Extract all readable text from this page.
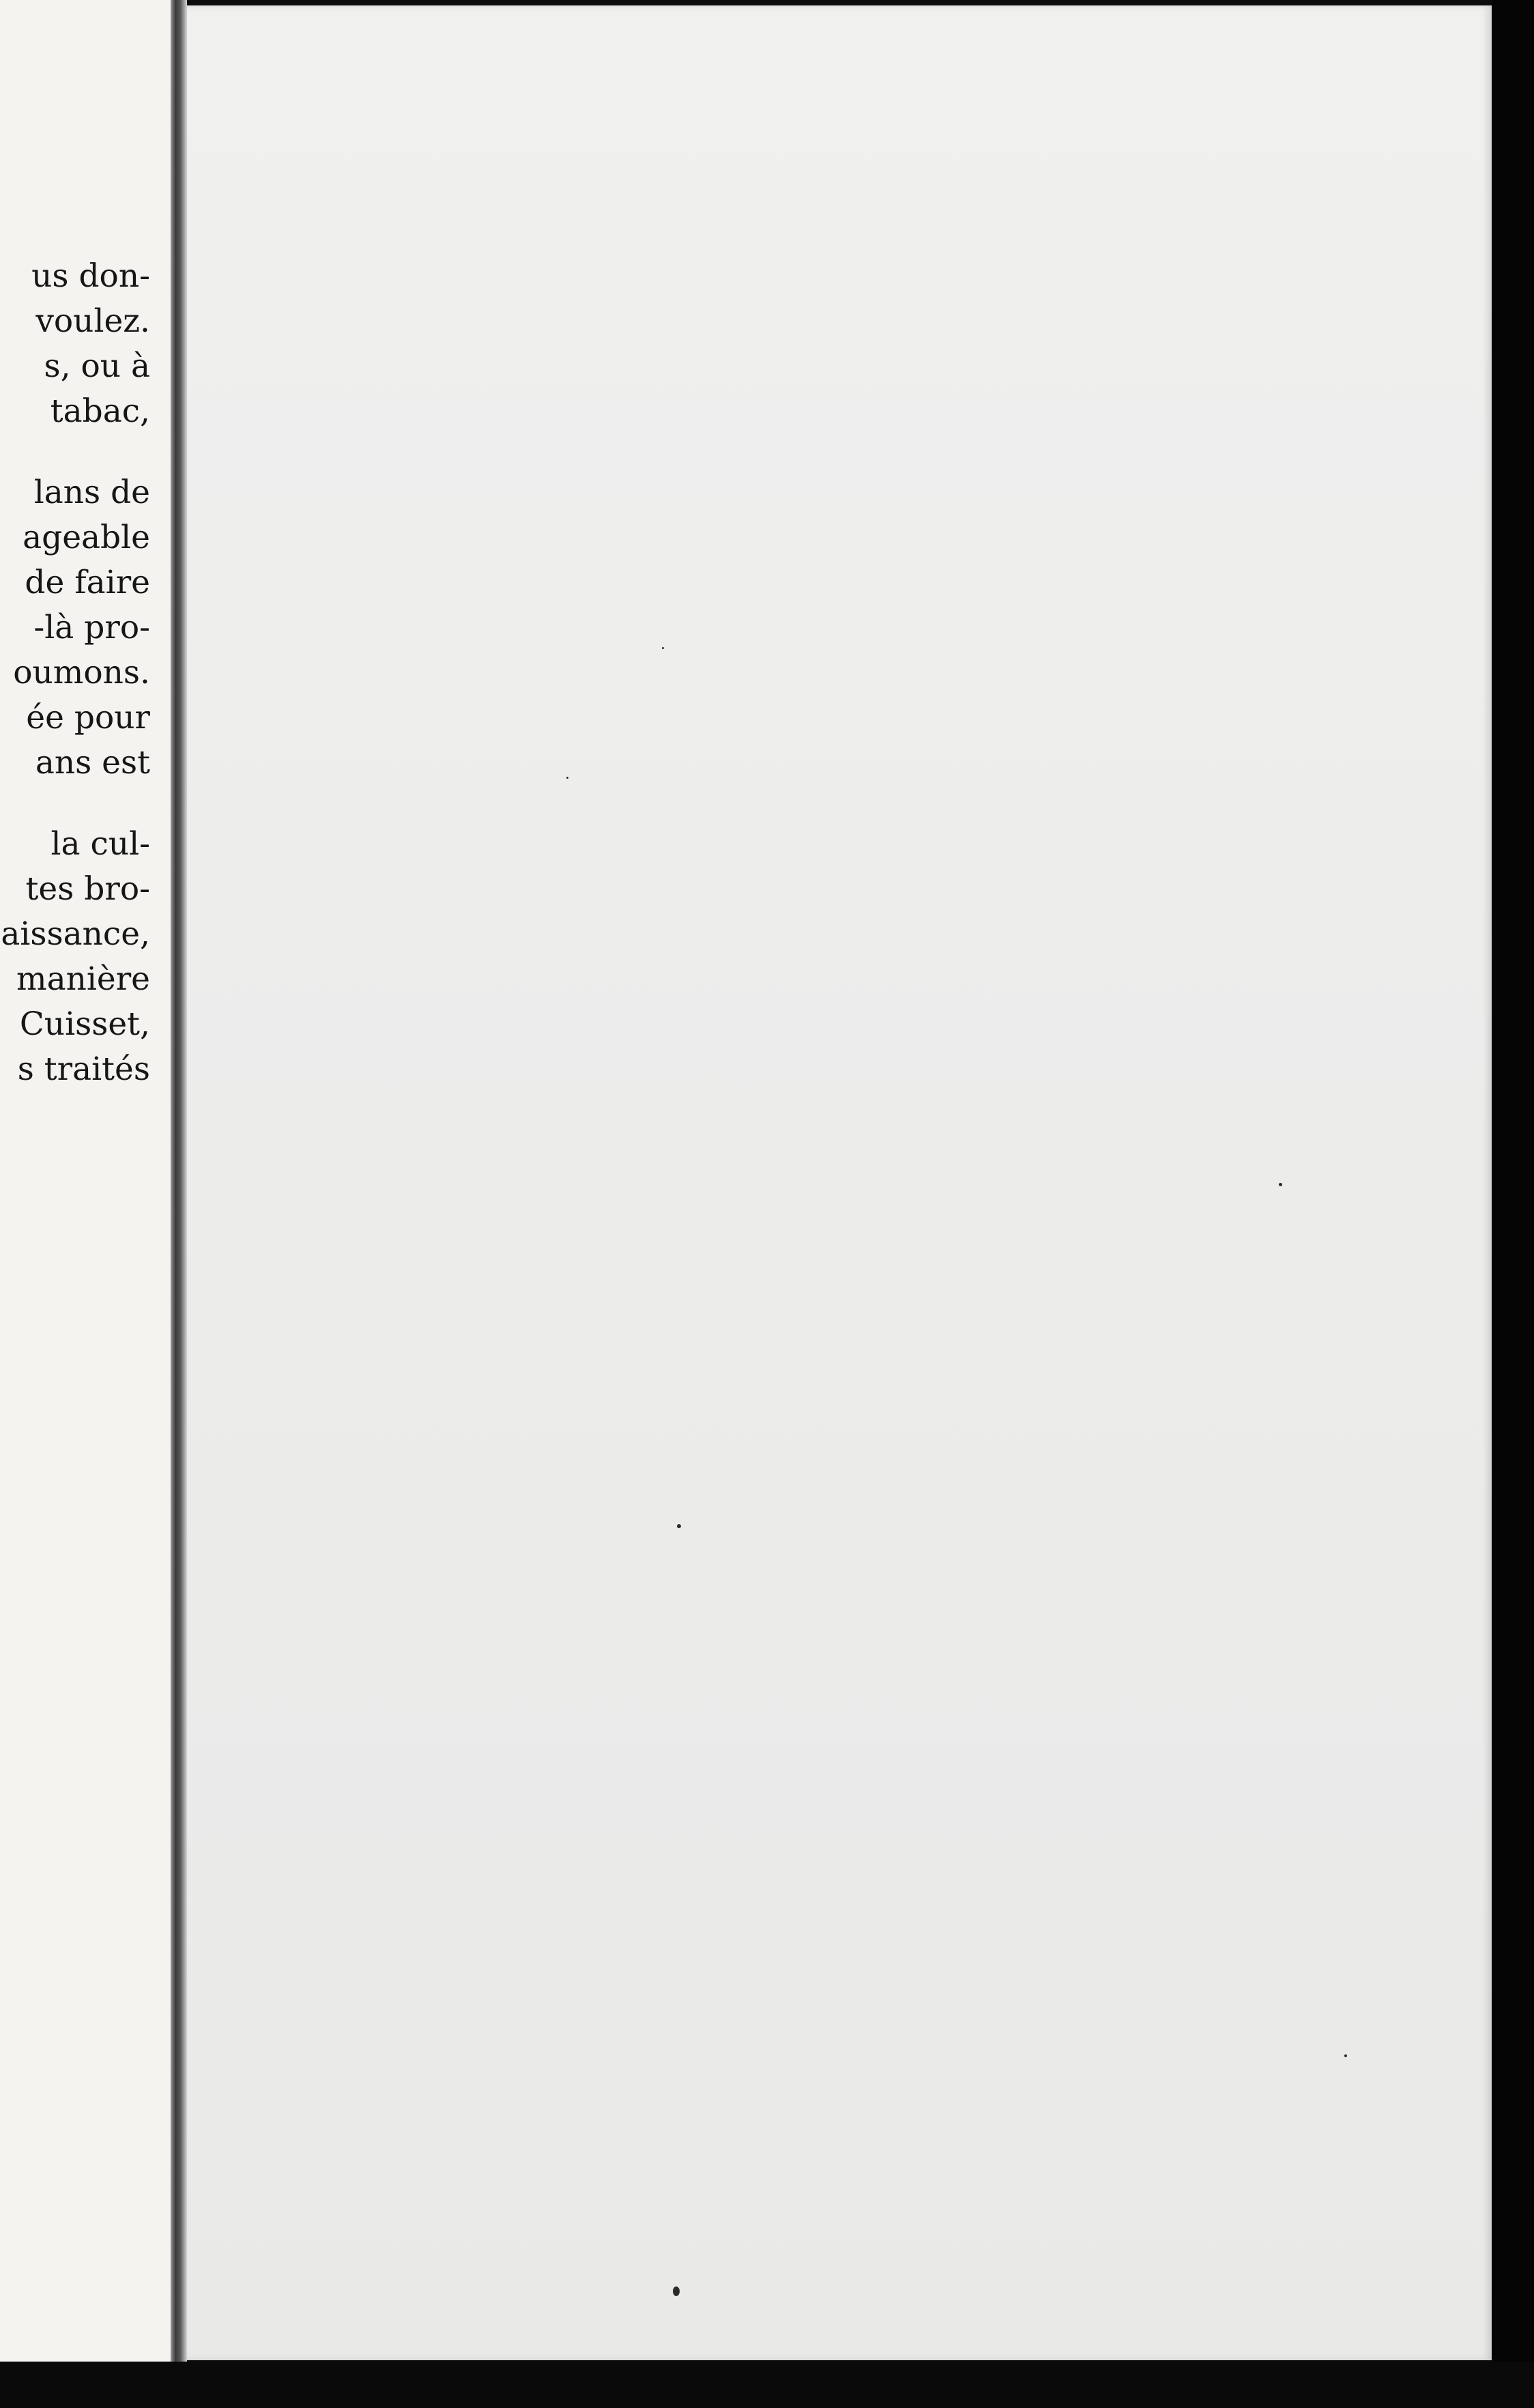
us don-
voulez.
s, ou à
tabac,
lans de
ageable
de faire
-là pro-
oumons.
ée pour
ans est
la cul-
tes bro-
aissance,
manière
Cuisset,
s traités
